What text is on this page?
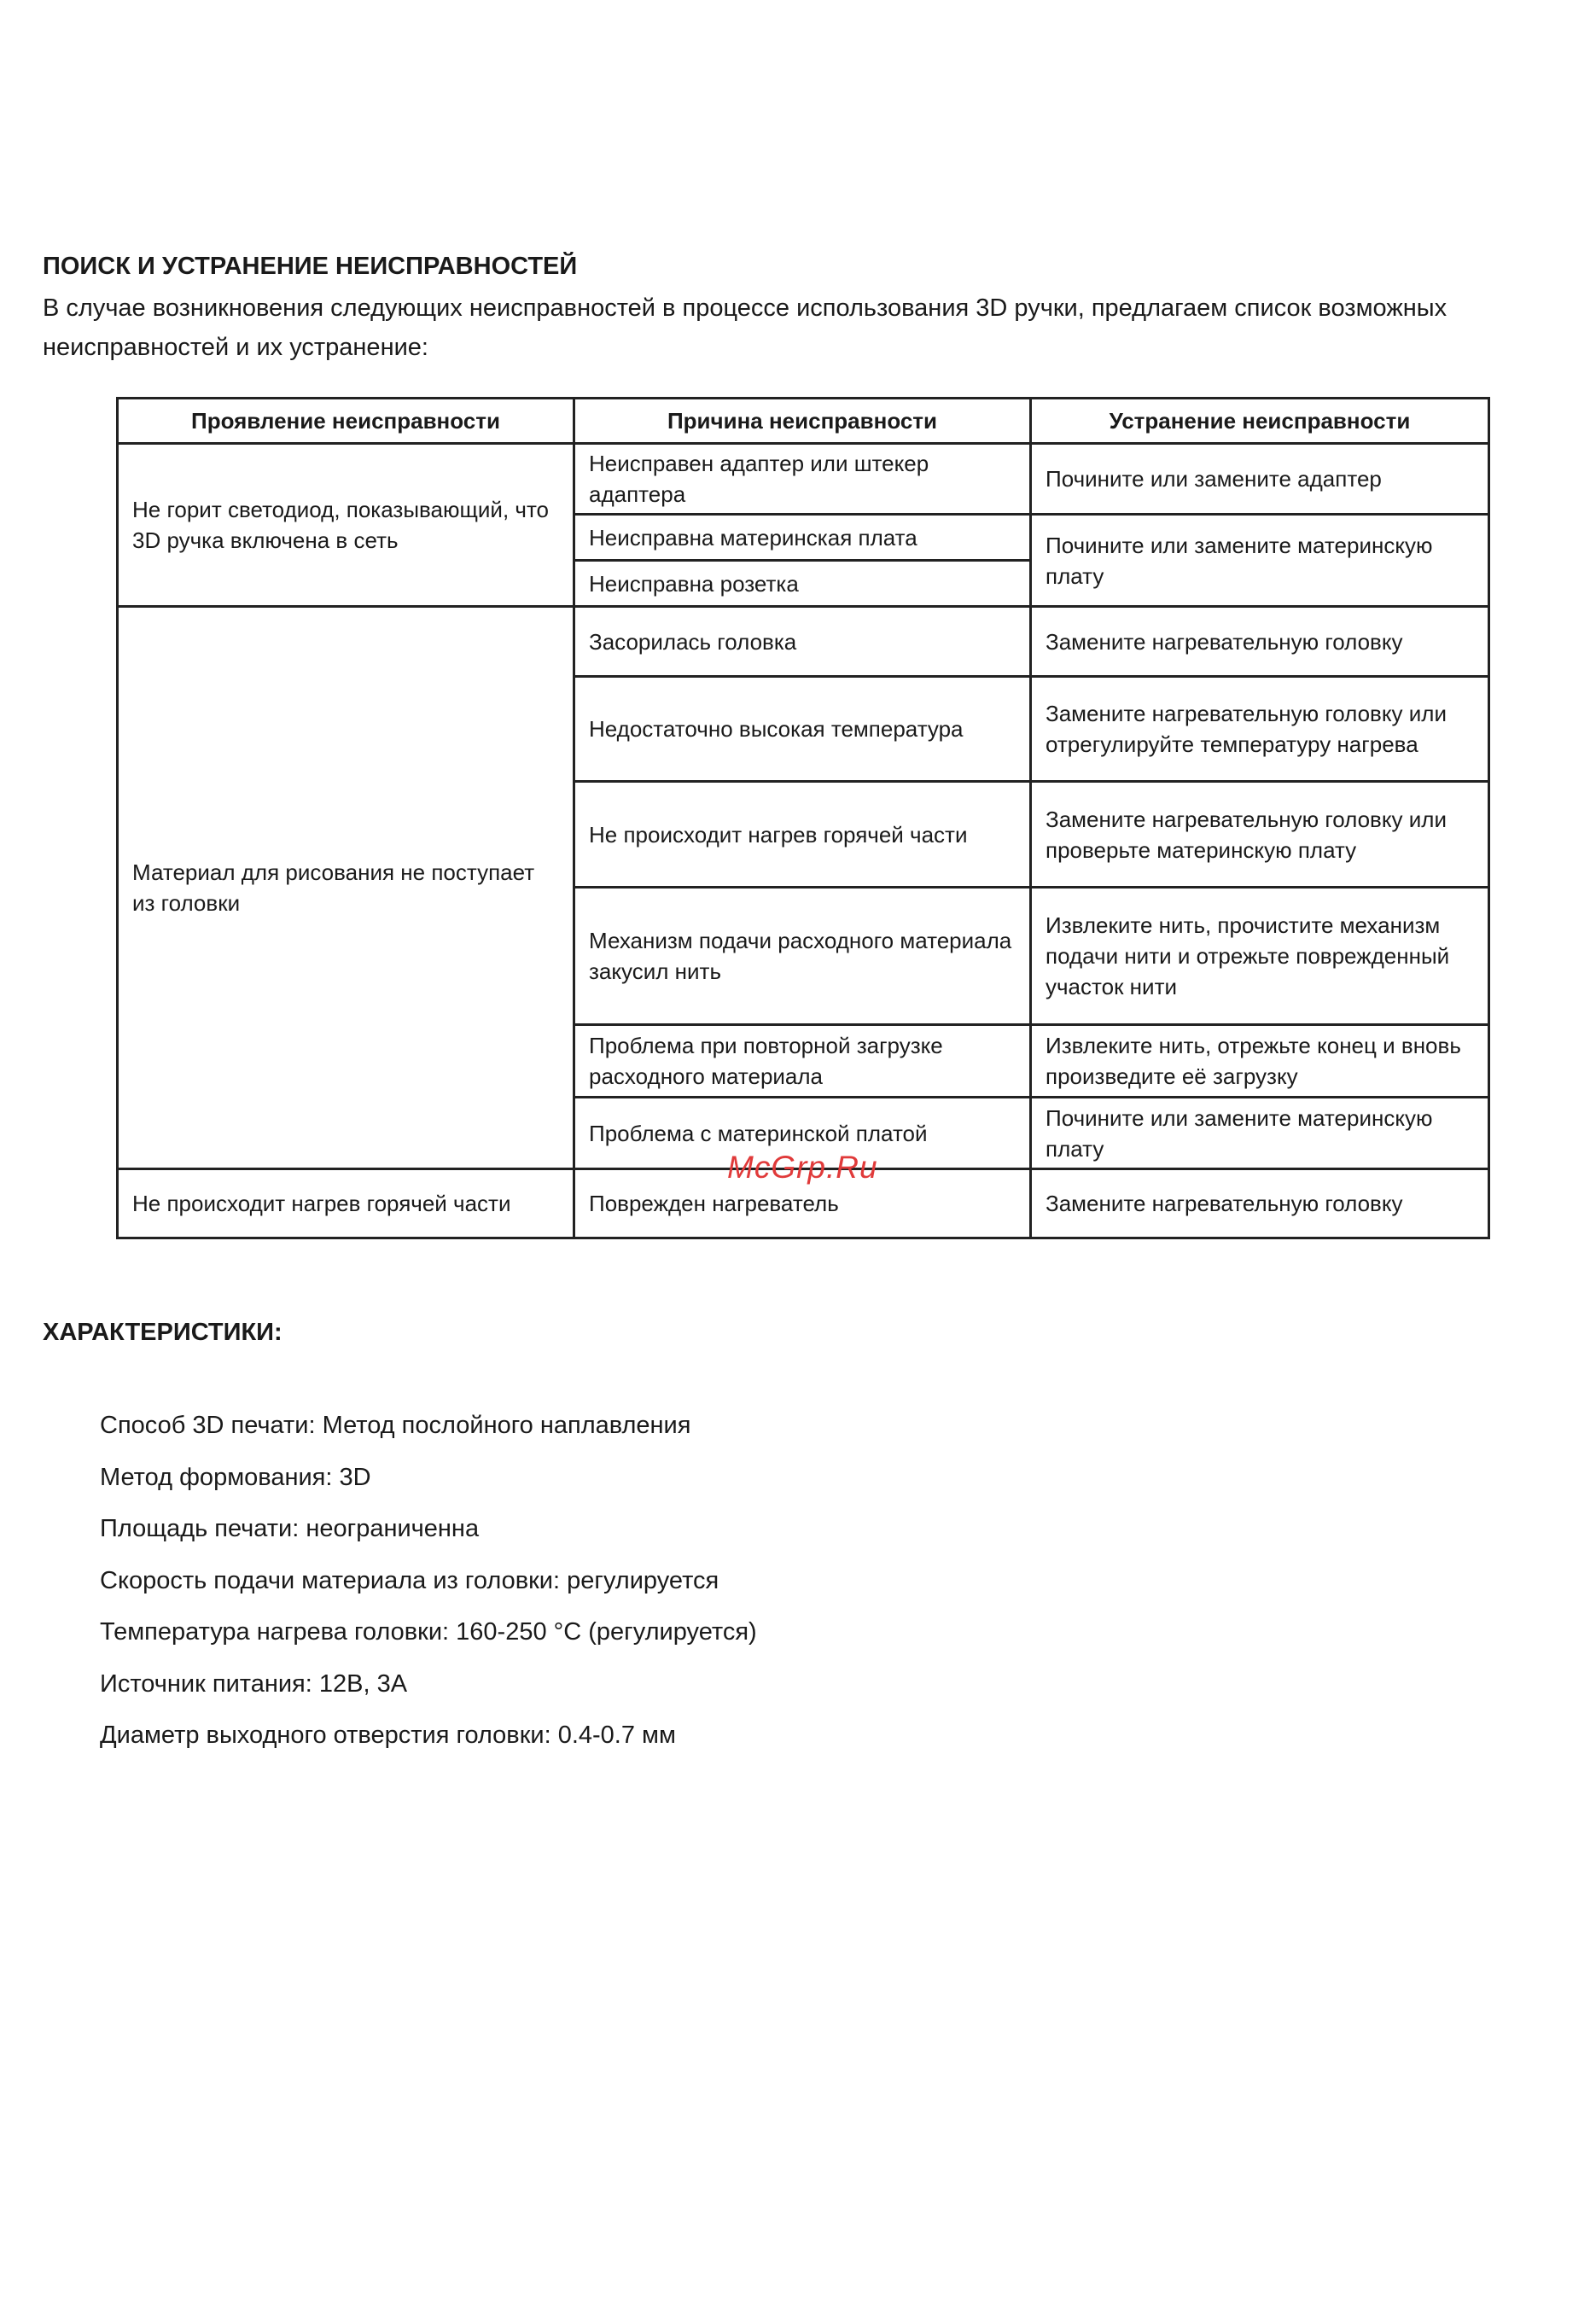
ПОИСК И УСТРАНЕНИЕ НЕИСПРАВНОСТЕЙ

В случае возникновения следующих неисправностей в процессе использования 3D ручки, предлагаем список возможных неисправностей и их устранение:

Проявление неисправности	Причина неисправности	Устранение неисправности
Не горит светодиод, показывающий, что 3D ручка включена в сеть	Неисправен адаптер или штекер адаптера	Почините или замените адаптер
	Неисправна материнская плата	Почините или замените материнскую плату
	Неисправна розетка	
Материал для рисования не поступает из головки	Засорилась головка	Замените нагревательную головку
	Недостаточно высокая температура	Замените нагревательную головку или отрегулируйте температуру нагрева
	Не происходит нагрев горячей части	Замените нагревательную головку или проверьте материнскую плату
	Механизм подачи расходного материала закусил нить	Извлеките нить, прочистите механизм подачи нити и отрежьте поврежденный участок нити
	Проблема при повторной загрузке расходного материала	Извлеките нить, отрежьте конец и вновь произведите её загрузку
	Проблема с материнской платой	Почините или замените материнскую плату
Не происходит нагрев горячей части	Поврежден нагреватель	Замените нагревательную головку
McGrp.Ru
ХАРАКТЕРИСТИКИ:
Способ 3D печати: Метод послойного наплавления
Метод формования: 3D
Площадь печати: неограниченна
Скорость подачи материала из головки: регулируется
Температура нагрева головки: 160-250 °С (регулируется)
Источник питания: 12В, 3А
Диаметр выходного отверстия головки: 0.4-0.7 мм
